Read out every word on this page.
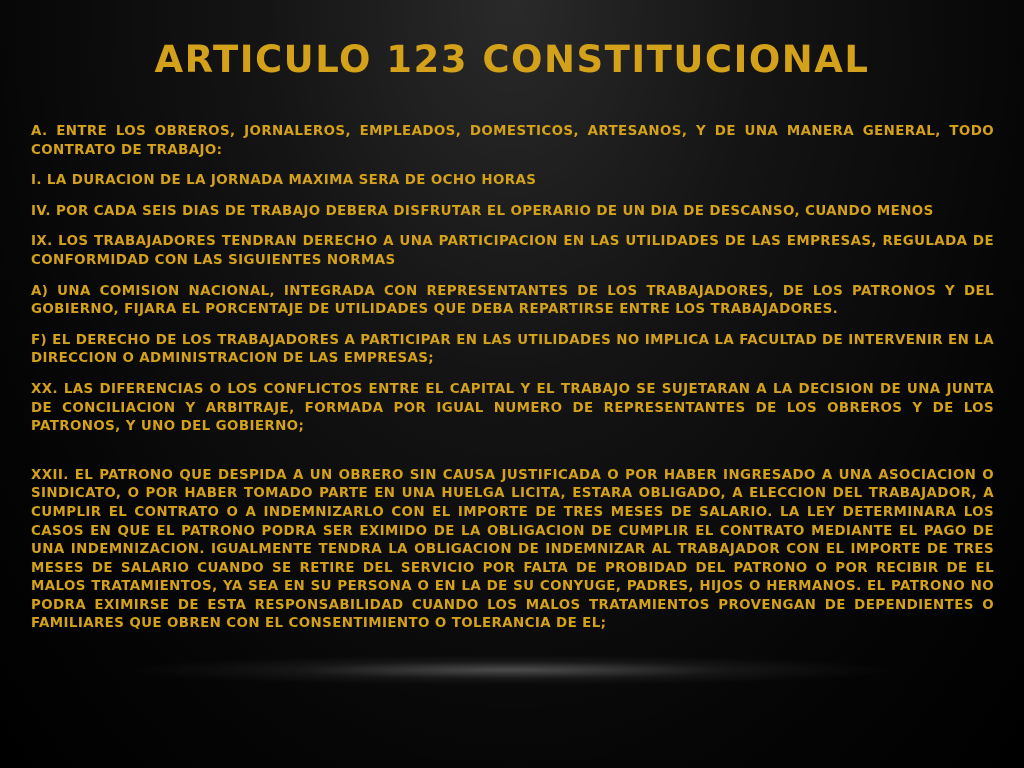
ARTICULO 123 CONSTITUCIONAL

A. ENTRE LOS OBREROS, JORNALEROS, EMPLEADOS, DOMESTICOS, ARTESANOS, Y DE UNA MANERA GENERAL, TODO CONTRATO DE TRABAJO:

I. LA DURACION DE LA JORNADA MAXIMA SERA DE OCHO HORAS

IV. POR CADA SEIS DIAS DE TRABAJO DEBERA DISFRUTAR EL OPERARIO DE UN DIA DE DESCANSO, CUANDO MENOS

IX. LOS TRABAJADORES TENDRAN DERECHO A UNA PARTICIPACION EN LAS UTILIDADES DE LAS EMPRESAS, REGULADA DE CONFORMIDAD CON LAS SIGUIENTES NORMAS

A) UNA COMISION NACIONAL, INTEGRADA CON REPRESENTANTES DE LOS TRABAJADORES, DE LOS PATRONOS Y DEL GOBIERNO, FIJARA EL PORCENTAJE DE UTILIDADES QUE DEBA REPARTIRSE ENTRE LOS TRABAJADORES.

F) EL DERECHO DE LOS TRABAJADORES A PARTICIPAR EN LAS UTILIDADES NO IMPLICA LA FACULTAD DE INTERVENIR EN LA DIRECCION O ADMINISTRACION DE LAS EMPRESAS;

XX. LAS DIFERENCIAS O LOS CONFLICTOS ENTRE EL CAPITAL Y EL TRABAJO SE SUJETARAN A LA DECISION DE UNA JUNTA DE CONCILIACION Y ARBITRAJE, FORMADA POR IGUAL NUMERO DE REPRESENTANTES DE LOS OBREROS Y DE LOS PATRONOS, Y UNO DEL GOBIERNO;

XXII. EL PATRONO QUE DESPIDA A UN OBRERO SIN CAUSA JUSTIFICADA O POR HABER INGRESADO A UNA ASOCIACION O SINDICATO, O POR HABER TOMADO PARTE EN UNA HUELGA LICITA, ESTARA OBLIGADO, A ELECCION DEL TRABAJADOR, A CUMPLIR EL CONTRATO O A INDEMNIZARLO CON EL IMPORTE DE TRES MESES DE SALARIO. LA LEY DETERMINARA LOS CASOS EN QUE EL PATRONO PODRA SER EXIMIDO DE LA OBLIGACION DE CUMPLIR EL CONTRATO MEDIANTE EL PAGO DE UNA INDEMNIZACION. IGUALMENTE TENDRA LA OBLIGACION DE INDEMNIZAR AL TRABAJADOR CON EL IMPORTE DE TRES MESES DE SALARIO CUANDO SE RETIRE DEL SERVICIO POR FALTA DE PROBIDAD DEL PATRONO O POR RECIBIR DE EL MALOS TRATAMIENTOS, YA SEA EN SU PERSONA O EN LA DE SU CONYUGE, PADRES, HIJOS O HERMANOS. EL PATRONO NO PODRA EXIMIRSE DE ESTA RESPONSABILIDAD CUANDO LOS MALOS TRATAMIENTOS PROVENGAN DE DEPENDIENTES O FAMILIARES QUE OBREN CON EL CONSENTIMIENTO O TOLERANCIA DE EL;
